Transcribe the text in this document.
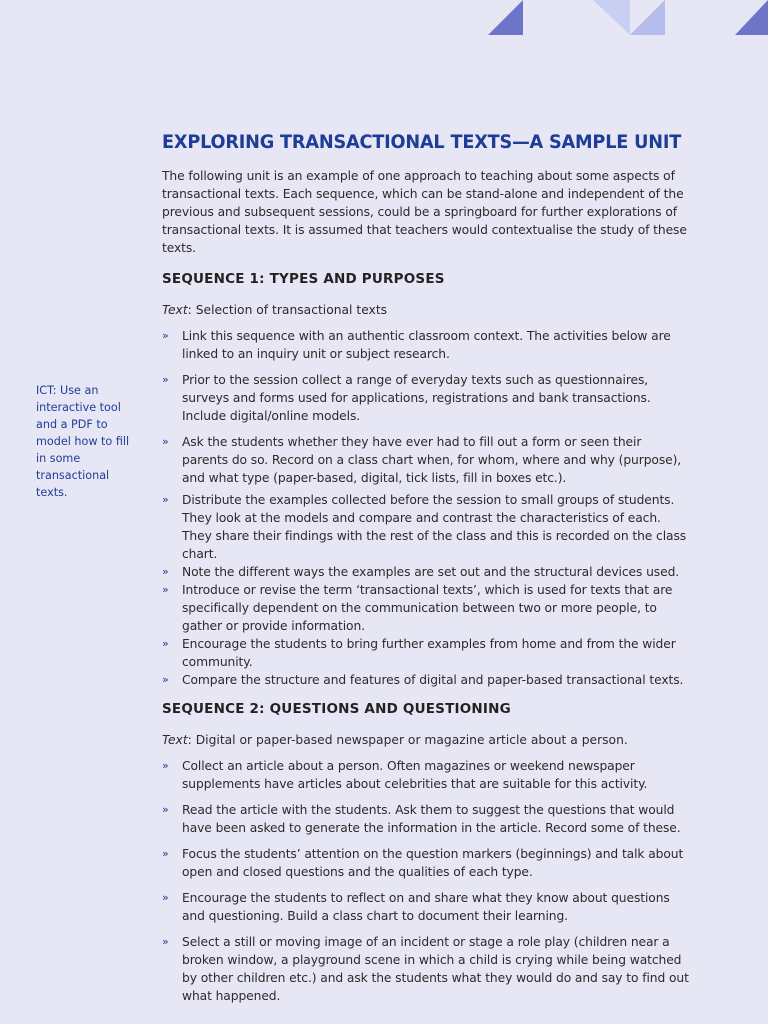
ICT: Use an interactive tool and a PDF to model how to fill in some transactional texts.
EXPLORING TRANSACTIONAL TEXTS—A SAMPLE UNIT

The following unit is an example of one approach to teaching about some aspects of transactional texts. Each sequence, which can be stand-alone and independent of the previous and subsequent sessions, could be a springboard for further explorations of transactional texts. It is assumed that teachers would contextualise the study of these texts.

SEQUENCE 1: TYPES AND PURPOSES

Text: Selection of transactional texts

» Link this sequence with an authentic classroom context. The activities below are linked to an inquiry unit or subject research.
» Prior to the session collect a range of everyday texts such as questionnaires, surveys and forms used for applications, registrations and bank transactions. Include digital/online models.
» Ask the students whether they have ever had to fill out a form or seen their parents do so. Record on a class chart when, for whom, where and why (purpose), and what type (paper-based, digital, tick lists, fill in boxes etc.).
» Distribute the examples collected before the session to small groups of students. They look at the models and compare and contrast the characteristics of each. They share their findings with the rest of the class and this is recorded on the class chart.
» Note the different ways the examples are set out and the structural devices used.
» Introduce or revise the term ‘transactional texts’, which is used for texts that are specifically dependent on the communication between two or more people, to gather or provide information.
» Encourage the students to bring further examples from home and from the wider community.
» Compare the structure and features of digital and paper-based transactional texts.
SEQUENCE 2: QUESTIONS AND QUESTIONING

Text: Digital or paper-based newspaper or magazine article about a person.

» Collect an article about a person. Often magazines or weekend newspaper supplements have articles about celebrities that are suitable for this activity.
» Read the article with the students. Ask them to suggest the questions that would have been asked to generate the information in the article. Record some of these.
» Focus the students’ attention on the question markers (beginnings) and talk about open and closed questions and the qualities of each type.
» Encourage the students to reflect on and share what they know about questions and questioning. Build a class chart to document their learning.
» Select a still or moving image of an incident or stage a role play (children near a broken window, a playground scene in which a child is crying while being watched by other children etc.) and ask the students what they would do and say to find out what happened.
